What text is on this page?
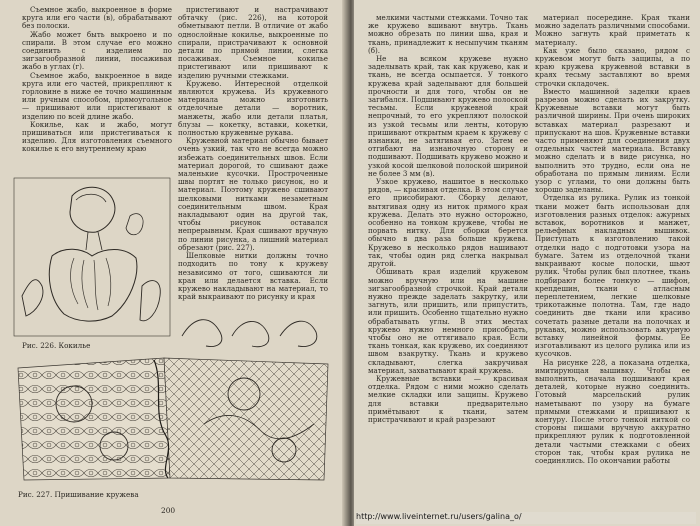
Съемное жабо, выкроенное в форме круга или его части (в), обрабатывают без полоски.

Жабо может быть выкроено и по спирали. В этом случае его можно соединить с изделием по зигзагообразной линии, посаживая жабо в углах (г).

Съемное жабо, выкроенное в виде круга или его частей, прикрепляют к горловине в ниже ее точно машинным или ручным способом, прямоугольное — пришивают или пристегивают к изделию по всей длине жабо.

Кокилье, как и жабо, могут пришиваться или пристегиваться к изделию. Для изготовления съемного кокилье к его внутреннему краю

пристегивают и настрачивают обтачку (рис. 226), на которой обметывают петли. В отличие от жабо однослойные кокилье, выкроенные по спирали, пристрачивают к основной детали по прямой линии, слегка посаживая. Съемное кокилье пристегивают или пришивают к изделию ручными стежками.

Кружево. Интересной отделкой являются кружева. Из кружевного материала можно изготовить отделочные детали — воротник, манжеты, жабо или детали платья, блузы — кокетку, вставки, кокетки, полностью кружевные рукава.

Кружевной материал обычно бывает очень узкий, так что не всегда можно избежать соединительных швов. Если материал дорогой, то сшивают даже маленькие кусочки. Простроченные швы портят не только рисунок, но и материал. Поэтому кружево сшивают шелковыми нитками незаметным соединительным швом. Края накладывают один на другой так, чтобы рисунок оставался непрерывным. Края сшивают вручную по линии рисунка, а лишний материал обрезают (рис. 227).

Шелковые нитки должны точно подходить по тону к кружеву независимо от того, сшиваются ли края или делается вставка. Если кружево накладывают на материал, то край выкраивают по рисунку и края

Рис. 226. Кокилье
Рис. 227. Пришивание кружева
200

мелкими частыми стежками. Точно так же кружево вшивают внутрь. Ткань можно обрезать по линии шва, края и ткань, принадлежит к несыпучим тканям (б).

Не на всяком кружеве нужно заделывать край, так как кружево, как и ткань, не всегда осыпается. У тонкого кружева край заделывают для большей прочности и для того, чтобы он не загибался. Подшивают кружево полоской тесьмы. Если кружевной край непрочный, то его укрепляют полоской из узкой тесьмы или ленты, которую пришивают открытым краем к кружеву с изнанки, не затягивая его. Затем ее отгибают на изнаночную сторону и подшивают. Подшивать кружево можно и узкой косой шелковой полоской шириной не более 3 мм (в).

Узкое кружево, нашитое в несколько рядов, — красивая отделка. В этом случае его присобирают. Сборку делают, вытягивая одну из ниток прямого края кружева. Делать это нужно осторожно, особенно на тонком кружеве, чтобы не порвать нитку. Для сборки берется обычно в два раза больше кружева. Кружево в несколько рядов нашивают так, чтобы один ряд слегка накрывал другой.

Обшивать края изделий кружевом можно вручную или на машине зигзагообразной строчкой. Край детали нужно прежде заделать закрутку, или загнуть, или пришить, или припустить, или пришить. Особенно тщательно нужно обрабатывать углы. В этих местах кружево нужно немного присобрать, чтобы оно не оттягивало края. Если ткань тонкая, как кружево, их соединяют швом взакрутку. Ткань и кружево складывают, слегка закручивая материал, захватывают край кружева.

Кружевные вставки — красивая отделка. Рядом с ними можно сделать мелкие складки или защипы. Кружево для вставки предварительно примётывают к ткани, затем пристрачивают и край разрезают

материал посередине. Края ткани можно заделать различными способами. Можно загнуть край приметать к материалу.

Как уже было сказано, рядом с кружевом могут быть защипы, а по краю кружева кружевной вставки в краях тесьму заставляют во время строчки складочек.

Вместо машинной заделки краев разрезов можно сделать их закрутку. Кружевные вставки могут быть различной ширины. При очень широких вставках материал разрезают и припускают на шов. Кружевные вставки часто применяют для соединения двух отдельных частей материала. Вставку можно сделать и в виде рисунка, но выполнить это трудно, если она не обработана по прямым линиям. Если узор с углами, то они должны быть хорошо заделаны.

Отделка из рулика. Рулик из тонкой ткани может быть использован для изготовления разных отделок: ажурных вставок, воротников и манжет, рельефных накладных вышивок. Приступать к изготовлению такой отделки надо с подготовки узора на бумаге. Затем из отделочной ткани выкраивают косые полоски, шьют рулик. Чтобы рулик был плотнее, ткань подбирают более тонкую — шифон, крепдешин, ткани с атласным переплетением, легкие шелковые трикотажные полотна. Там, где надо соединить две ткани или красиво сочетать разные детали на полочках и рукавах, можно использовать ажурную вставку линейной формы. Ее изготавливают из целого рулика или из кусочков.

На рисунке 228, а показана отделка, имитирующая вышивку. Чтобы ее выполнить, сначала подшивают края деталей, которые нужно соединить. Готовый марсельский рулик наметывают по узору на бумаге прямыми стежками и пришивают к контуру. После этого тонкой ниткой со стороны пишами вручную аккуратно прикрепляют рулик к подготовленной детали частыми стежками с обеих сторон так, чтобы края рулика не соединялись. По окончании работы

http://www.liveinternet.ru/users/galina_o/
